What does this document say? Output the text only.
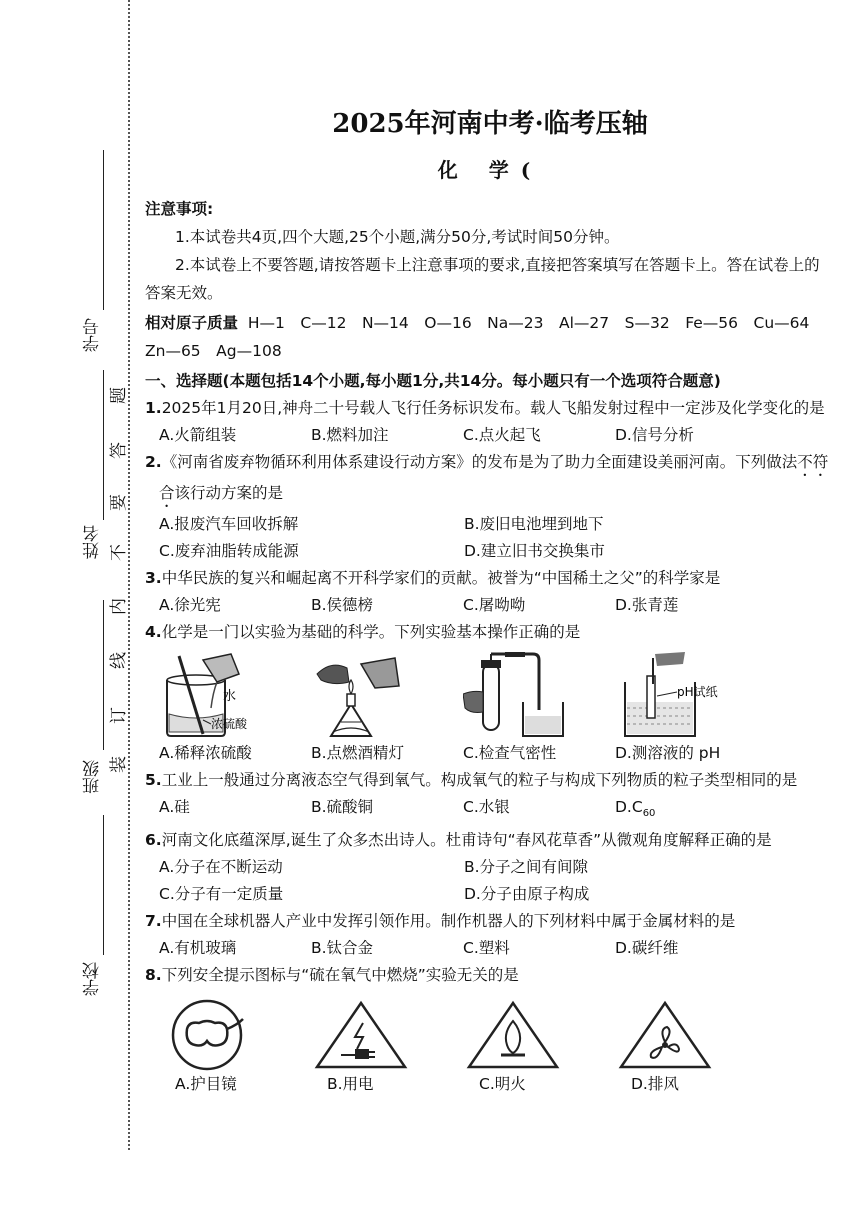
学号
姓名
班级
学校
题
答
要
不
内
线
订
装
2025年河南中考·临考压轴
化 学(
注意事项:
1.本试卷共4页,四个大题,25个小题,满分50分,考试时间50分钟。
2.本试卷上不要答题,请按答题卡上注意事项的要求,直接把答案填写在答题卡上。答在试卷上的答案无效。
相对原子质量 H—1　C—12　N—14　O—16　Na—23　Al—27　S—32　Fe—56　Cu—64
Zn—65　Ag—108
一、选择题(本题包括14个小题,每小题1分,共14分。每小题只有一个选项符合题意)
1.2025年1月20日,神舟二十号载人飞行任务标识发布。载人飞船发射过程中一定涉及化学变化的是
A.火箭组装	B.燃料加注	C.点火起飞	D.信号分析
2.《河南省废弃物循环利用体系建设行动方案》的发布是为了助力全面建设美丽河南。下列做法不符合该行动方案的是
A.报废汽车回收拆解	B.废旧电池埋到地下
C.废弃油脂转成能源	D.建立旧书交换集市
3.中华民族的复兴和崛起离不开科学家们的贡献。被誉为“中国稀土之父”的科学家是
A.徐光宪	B.侯德榜	C.屠呦呦	D.张青莲
4.化学是一门以实验为基础的科学。下列实验基本操作正确的是
水
浓硫酸
pH试纸
A.稀释浓硫酸	B.点燃酒精灯	C.检查气密性	D.测溶液的 pH
5.工业上一般通过分离液态空气得到氧气。构成氧气的粒子与构成下列物质的粒子类型相同的是
A.硅	B.硫酸铜	C.水银	$D.C_{60}$
6.河南文化底蕴深厚,诞生了众多杰出诗人。杜甫诗句“春风花草香”从微观角度解释正确的是
A.分子在不断运动	B.分子之间有间隙
C.分子有一定质量	D.分子由原子构成
7.中国在全球机器人产业中发挥引领作用。制作机器人的下列材料中属于金属材料的是
A.有机玻璃	B.钛合金	C.塑料	D.碳纤维
8.下列安全提示图标与“硫在氧气中燃烧”实验无关的是
A.护目镜	B.用电	C.明火	D.排风
